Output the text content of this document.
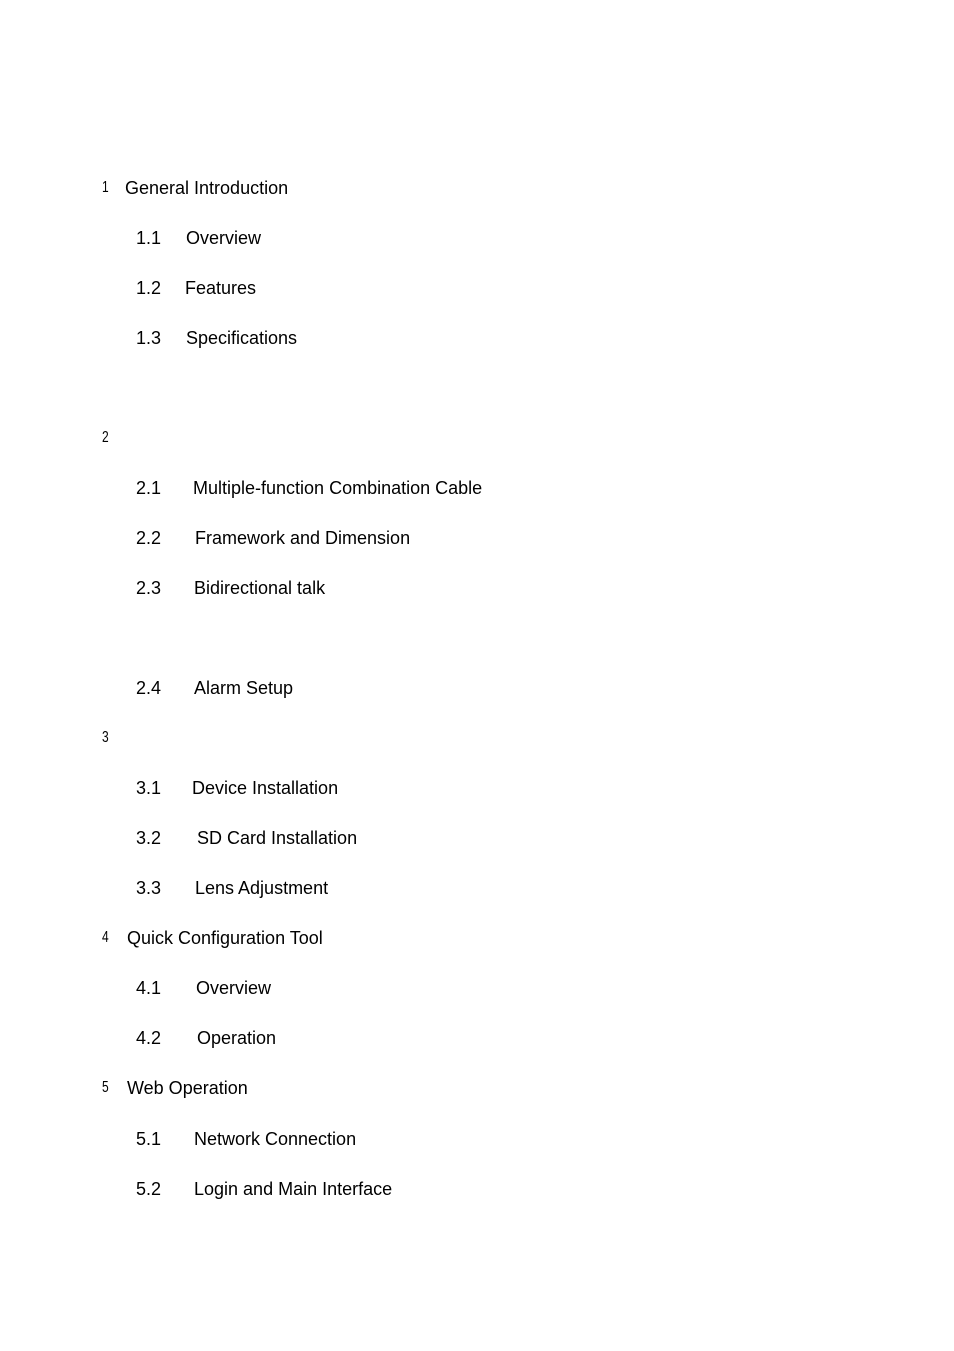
1 General Introduction
1.1 Overview
1.2 Features
1.3 Specifications
2
2.1 Multiple-function Combination Cable
2.2 Framework and Dimension
2.3 Bidirectional talk
2.4 Alarm Setup
3
3.1 Device Installation
3.2 SD Card Installation
3.3 Lens Adjustment
4 Quick Configuration Tool
4.1 Overview
4.2 Operation
5 Web Operation
5.1 Network Connection
5.2 Login and Main Interface
